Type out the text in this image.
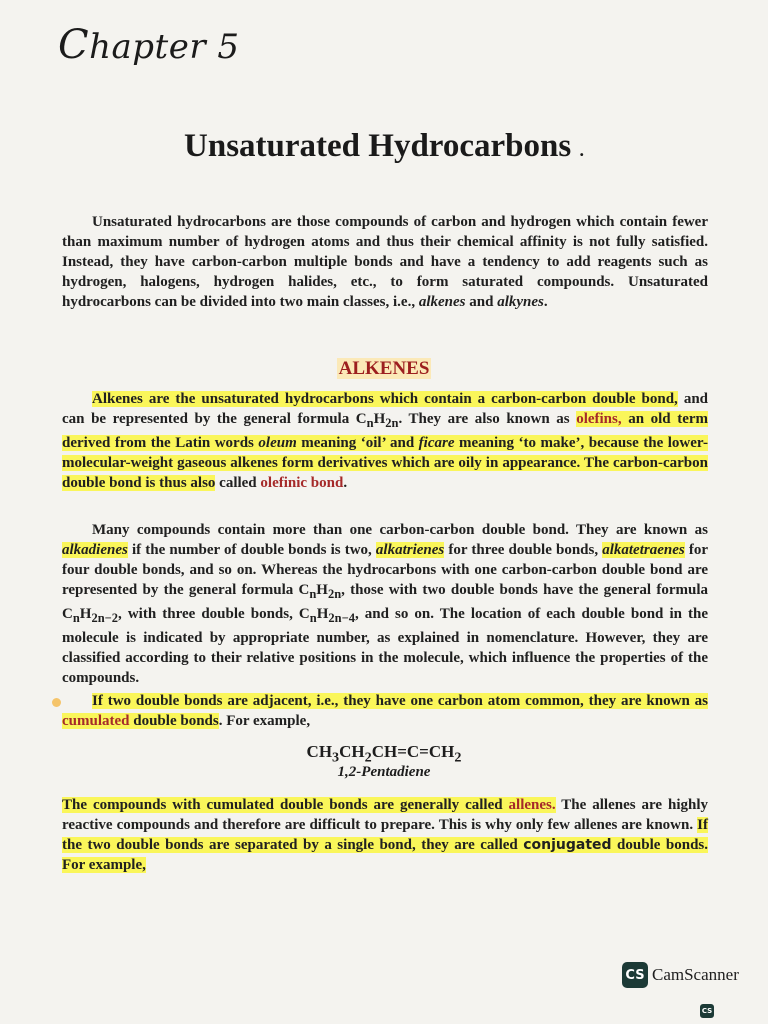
Chapter 5
Unsaturated Hydrocarbons .
Unsaturated hydrocarbons are those compounds of carbon and hydrogen which contain fewer than maximum number of hydrogen atoms and thus their chemical affinity is not fully satisfied. Instead, they have carbon-carbon multiple bonds and have a tendency to add reagents such as hydrogen, halogens, hydrogen halides, etc., to form saturated compounds. Unsaturated hydrocarbons can be divided into two main classes, i.e., alkenes and alkynes.
ALKENES
Alkenes are the unsaturated hydrocarbons which contain a carbon-carbon double bond, and can be represented by the general formula $C_nH_{2n}$. They are also known as olefins, an old term derived from the Latin words oleum meaning ‘oil’ and ficare meaning ‘to make’, because the lower-molecular-weight gaseous alkenes form derivatives which are oily in appearance. The carbon-carbon double bond is thus also called olefinic bond.
Many compounds contain more than one carbon-carbon double bond. They are known as alkadienes if the number of double bonds is two, alkatrienes for three double bonds, alkatetraenes for four double bonds, and so on. Whereas the hydrocarbons with one carbon-carbon double bond are represented by the general formula $C_nH_{2n}$, those with two double bonds have the general formula $C_nH_{2n-2}$, with three double bonds, $C_nH_{2n-4}$, and so on. The location of each double bond in the molecule is indicated by appropriate number, as explained in nomenclature. However, they are classified according to their relative positions in the molecule, which influence the properties of the compounds.
If two double bonds are adjacent, i.e., they have one carbon atom common, they are known as cumulated double bonds. For example,
$CH_3CH_2CH=C=CH_2$
1,2-Pentadiene
The compounds with cumulated double bonds are generally called allenes. The allenes are highly reactive compounds and therefore are difficult to prepare. This is why only few allenes are known. If the two double bonds are separated by a single bond, they are called conjugated double bonds. For example,
CS CamScanner
CS
